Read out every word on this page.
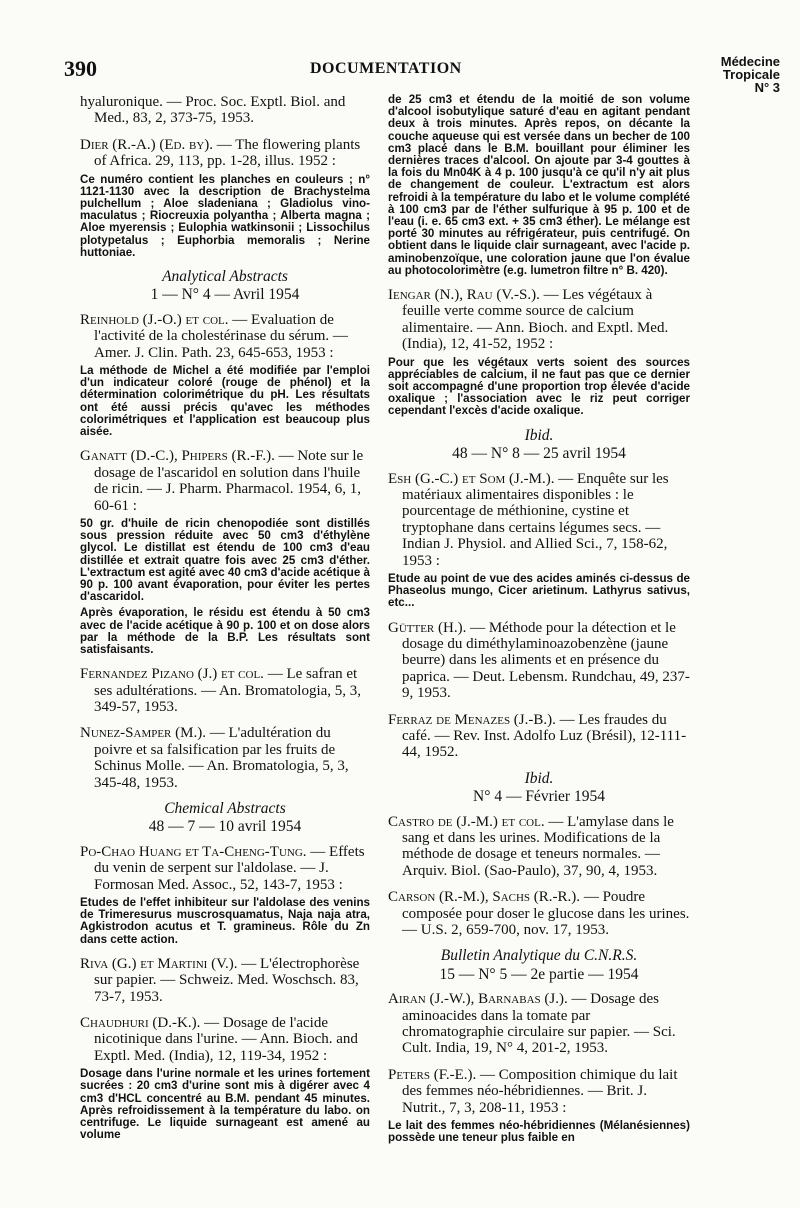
390	DOCUMENTATION	Médecine
Tropicale
N° 3

hyaluronique. — Proc. Soc. Exptl. Biol. and Med., 83, 2, 373-75, 1953.

Dier (R.-A.) (Ed. by). — The flowering plants of Africa. 29, 113, pp. 1-28, illus. 1952 :

Ce numéro contient les planches en couleurs ; n° 1121-1130 avec la description de Brachystelma pulchellum ; Aloe sladeniana ; Gladiolus vino-maculatus ; Riocreuxia polyantha ; Alberta magna ; Aloe myerensis ; Eulophia watkinsonii ; Lissochilus plotypetalus ; Euphorbia memoralis ; Nerine huttoniae.

Analytical Abstracts
1 — N° 4 — Avril 1954

Reinhold (J.-O.) et col. — Evaluation de l'activité de la cholestérinase du sérum. — Amer. J. Clin. Path. 23, 645-653, 1953 :

La méthode de Michel a été modifiée par l'emploi d'un indicateur coloré (rouge de phénol) et la détermination colorimétrique du pH. Les résultats ont été aussi précis qu'avec les méthodes colorimétriques et l'application est beaucoup plus aisée.

Ganatt (D.-C.), Phipers (R.-F.). — Note sur le dosage de l'ascaridol en solution dans l'huile de ricin. — J. Pharm. Pharmacol. 1954, 6, 1, 60-61 :

50 gr. d'huile de ricin chenopodiée sont distillés sous pression réduite avec 50 cm3 d'éthylène glycol. Le distillat est étendu de 100 cm3 d'eau distillée et extrait quatre fois avec 25 cm3 d'éther. L'extractum est agité avec 40 cm3 d'acide acétique à 90 p. 100 avant évaporation, pour éviter les pertes d'ascaridol.

Après évaporation, le résidu est étendu à 50 cm3 avec de l'acide acétique à 90 p. 100 et on dose alors par la méthode de la B.P. Les résultats sont satisfaisants.

Fernandez Pizano (J.) et col. — Le safran et ses adultérations. — An. Bromatologia, 5, 3, 349-57, 1953.

Nunez-Samper (M.). — L'adultération du poivre et sa falsification par les fruits de Schinus Molle. — An. Bromatologia, 5, 3, 345-48, 1953.

Chemical Abstracts
48 — 7 — 10 avril 1954

Po-Chao Huang et Ta-Cheng-Tung. — Effets du venin de serpent sur l'aldolase. — J. Formosan Med. Assoc., 52, 143-7, 1953 :

Etudes de l'effet inhibiteur sur l'aldolase des venins de Trimeresurus muscrosquamatus, Naja naja atra, Agkistrodon acutus et T. gramineus. Rôle du Zn dans cette action.

Riva (G.) et Martini (V.). — L'électrophorèse sur papier. — Schweiz. Med. Woschsch. 83, 73-7, 1953.

Chaudhuri (D.-K.). — Dosage de l'acide nicotinique dans l'urine. — Ann. Bioch. and Exptl. Med. (India), 12, 119-34, 1952 :

Dosage dans l'urine normale et les urines fortement sucrées : 20 cm3 d'urine sont mis à digérer avec 4 cm3 d'HCL concentré au B.M. pendant 45 minutes. Après refroidissement à la température du labo. on centrifuge. Le liquide surnageant est amené au volume

de 25 cm3 et étendu de la moitié de son volume d'alcool isobutylique saturé d'eau en agitant pendant deux à trois minutes. Après repos, on décante la couche aqueuse qui est versée dans un becher de 100 cm3 placé dans le B.M. bouillant pour éliminer les dernières traces d'alcool. On ajoute par 3-4 gouttes à la fois du Mn04K à 4 p. 100 jusqu'à ce qu'il n'y ait plus de changement de couleur. L'extractum est alors refroidi à la température du labo et le volume complété à 100 cm3 par de l'éther sulfurique à 95 p. 100 et de l'eau (i. e. 65 cm3 ext. + 35 cm3 éther). Le mélange est porté 30 minutes au réfrigérateur, puis centrifugé. On obtient dans le liquide clair surnageant, avec l'acide p. aminobenzoïque, une coloration jaune que l'on évalue au photocolorimètre (e.g. lumetron filtre n° B. 420).

Iengar (N.), Rau (V.-S.). — Les végétaux à feuille verte comme source de calcium alimentaire. — Ann. Bioch. and Exptl. Med. (India), 12, 41-52, 1952 :

Pour que les végétaux verts soient des sources appréciables de calcium, il ne faut pas que ce dernier soit accompagné d'une proportion trop élevée d'acide oxalique ; l'association avec le riz peut corriger cependant l'excès d'acide oxalique.

Ibid.
48 — N° 8 — 25 avril 1954

Esh (G.-C.) et Som (J.-M.). — Enquête sur les matériaux alimentaires disponibles : le pourcentage de méthionine, cystine et tryptophane dans certains légumes secs. — Indian J. Physiol. and Allied Sci., 7, 158-62, 1953 :

Etude au point de vue des acides aminés ci-dessus de Phaseolus mungo, Cicer arietinum. Lathyrus sativus, etc...

Gütter (H.). — Méthode pour la détection et le dosage du diméthylaminoazobenzène (jaune beurre) dans les aliments et en présence du paprica. — Deut. Lebensm. Rundchau, 49, 237-9, 1953.

Ferraz de Menazes (J.-B.). — Les fraudes du café. — Rev. Inst. Adolfo Luz (Brésil), 12-111-44, 1952.

Ibid.
N° 4 — Février 1954

Castro de (J.-M.) et col. — L'amylase dans le sang et dans les urines. Modifications de la méthode de dosage et teneurs normales. — Arquiv. Biol. (Sao-Paulo), 37, 90, 4, 1953.

Carson (R.-M.), Sachs (R.-R.). — Poudre composée pour doser le glucose dans les urines. — U.S. 2, 659-700, nov. 17, 1953.

Bulletin Analytique du C.N.R.S.
15 — N° 5 — 2e partie — 1954

Airan (J.-W.), Barnabas (J.). — Dosage des aminoacides dans la tomate par chromatographie circulaire sur papier. — Sci. Cult. India, 19, N° 4, 201-2, 1953.

Peters (F.-E.). — Composition chimique du lait des femmes néo-hébridiennes. — Brit. J. Nutrit., 7, 3, 208-11, 1953 :

Le lait des femmes néo-hébridiennes (Mélanésiennes) possède une teneur plus faible en
